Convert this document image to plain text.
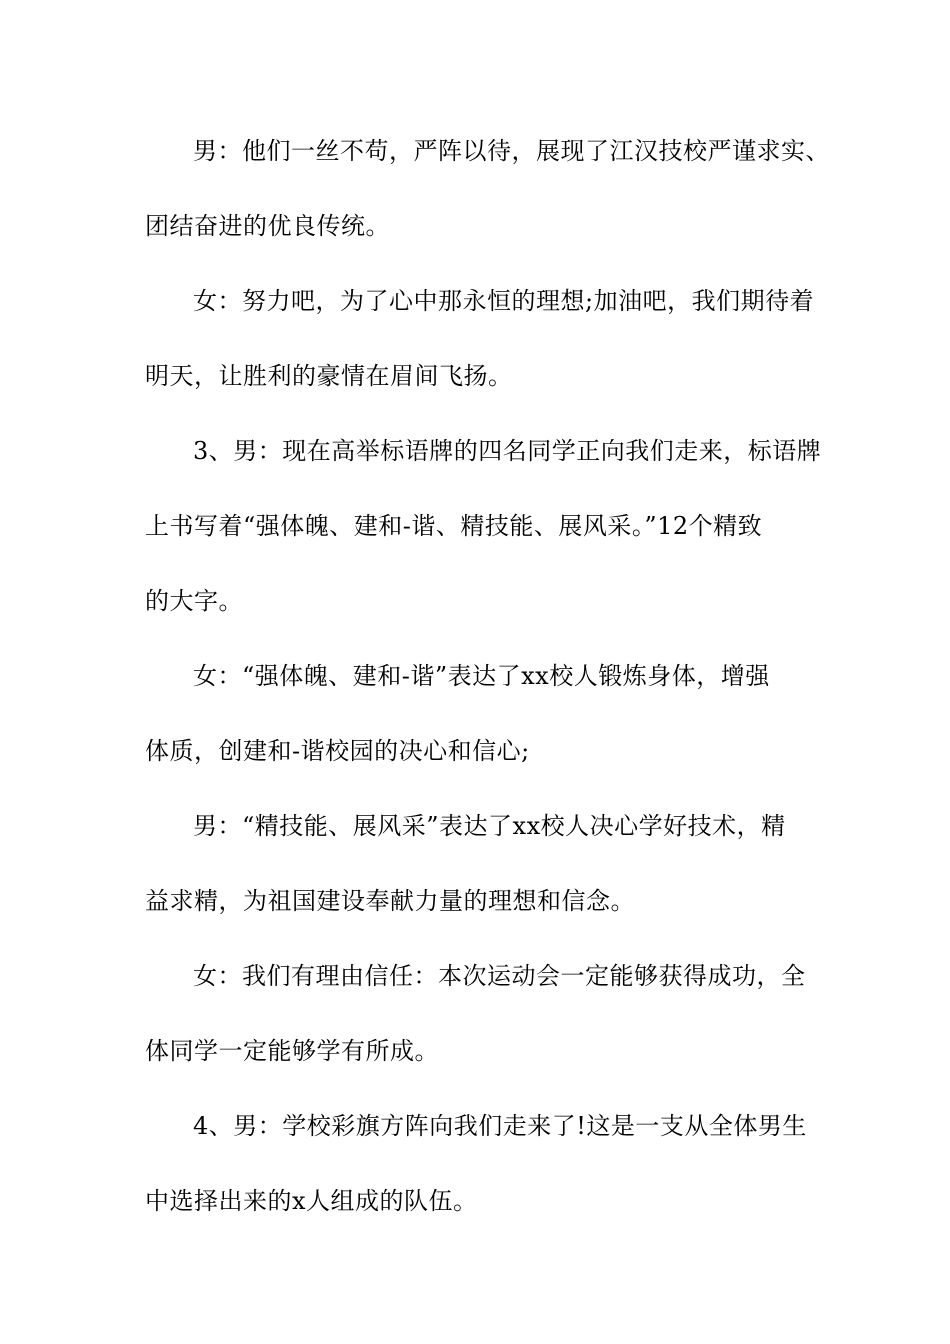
男：他们一丝不苟，严阵以待，展现了江汉技校严谨求实、
团结奋进的优良传统。
女：努力吧，为了心中那永恒的理想;加油吧，我们期待着
明天，让胜利的豪情在眉间飞扬。
3、男：现在高举标语牌的四名同学正向我们走来，标语牌
上书写着“强体魄、建和-谐、精技能、展风采。”12个精致
的大字。
女：“强体魄、建和-谐”表达了xx校人锻炼身体，增强
体质，创建和-谐校园的决心和信心;
男：“精技能、展风采”表达了xx校人决心学好技术，精
益求精，为祖国建设奉献力量的理想和信念。
女：我们有理由信任：本次运动会一定能够获得成功，全
体同学一定能够学有所成。
4、男：学校彩旗方阵向我们走来了!这是一支从全体男生
中选择出来的x人组成的队伍。
